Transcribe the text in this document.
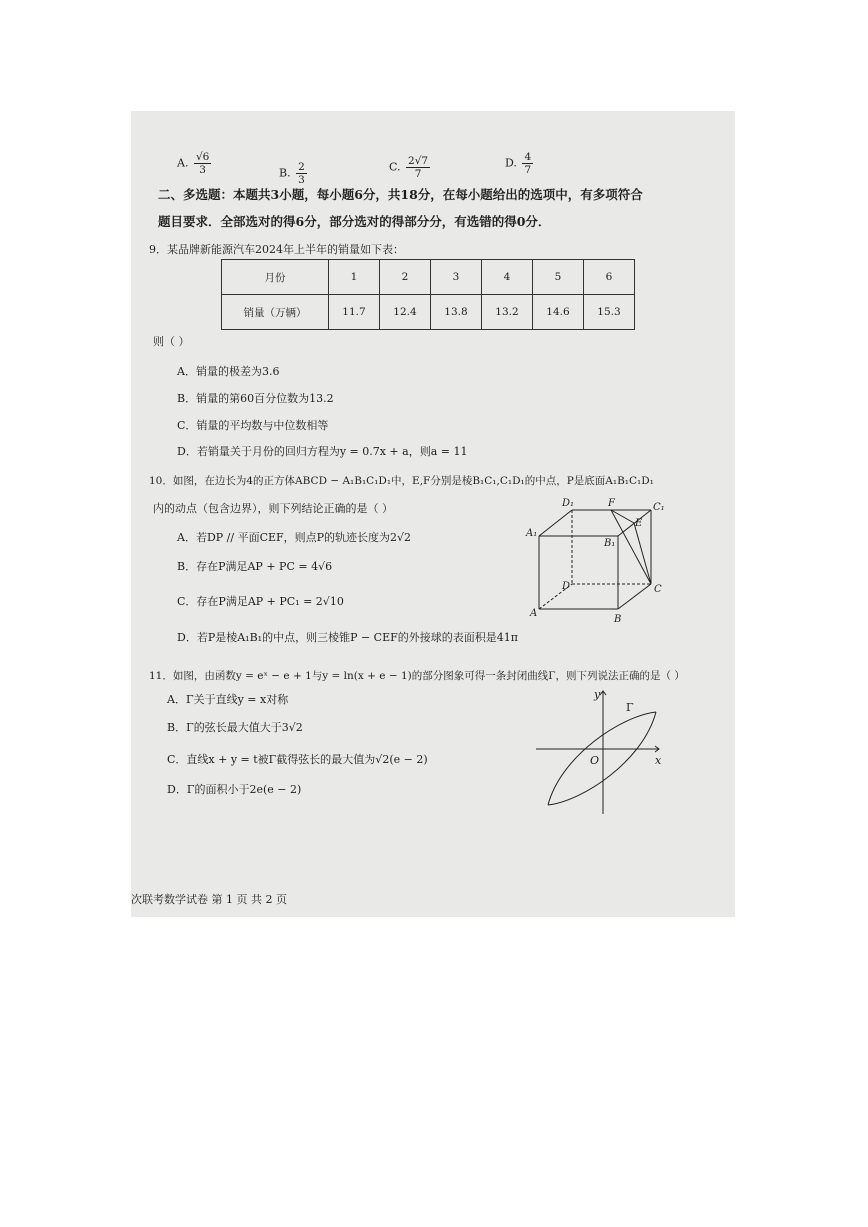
A. $\frac{√6}{3}$	B. $\frac{2}{3}$	C. $\frac{2√7}{7}$	D. $\frac{4}{7}$
二、多选题：本题共3小题，每小题6分，共18分，在每小题给出的选项中，有多项符合
题目要求．全部选对的得6分，部分选对的得部分分，有选错的得0分．
9．某品牌新能源汽车2024年上半年的销量如下表：
月份	1	2	3	4	5	6
销量（万辆）	11.7	12.4	13.8	13.2	14.6	15.3
则（ ）
A．销量的极差为3.6
B．销量的第60百分位数为13.2
C．销量的平均数与中位数相等
D．若销量关于月份的回归方程为y = 0.7x + a，则a = 11
10．如图，在边长为4的正方体ABCD − A₁B₁C₁D₁中，E,F分别是棱B₁C₁,C₁D₁的中点，P是底面A₁B₁C₁D₁
内的动点（包含边界），则下列结论正确的是（ ）
A．若DP // 平面CEF，则点P的轨迹长度为2√2
B．存在P满足AP + PC = 4√6
C．存在P满足AP + PC₁ = 2√10
D．若P是棱A₁B₁的中点，则三棱锥P − CEF的外接球的表面积是41π
D₁	F	C₁
A₁
E
B₁
D	C
A
B
11．如图，由函数y = eˣ − e + 1与y = ln(x + e − 1)的部分图象可得一条封闭曲线Γ，则下列说法正确的是（ ）
A．Γ关于直线y = x对称
B．Γ的弦长最大值大于3√2
C．直线x + y = t被Γ截得弦长的最大值为√2(e − 2)
D．Γ的面积小于2e(e − 2)
y
x
O
Γ
次联考数学试卷 第 1 页 共 2 页
